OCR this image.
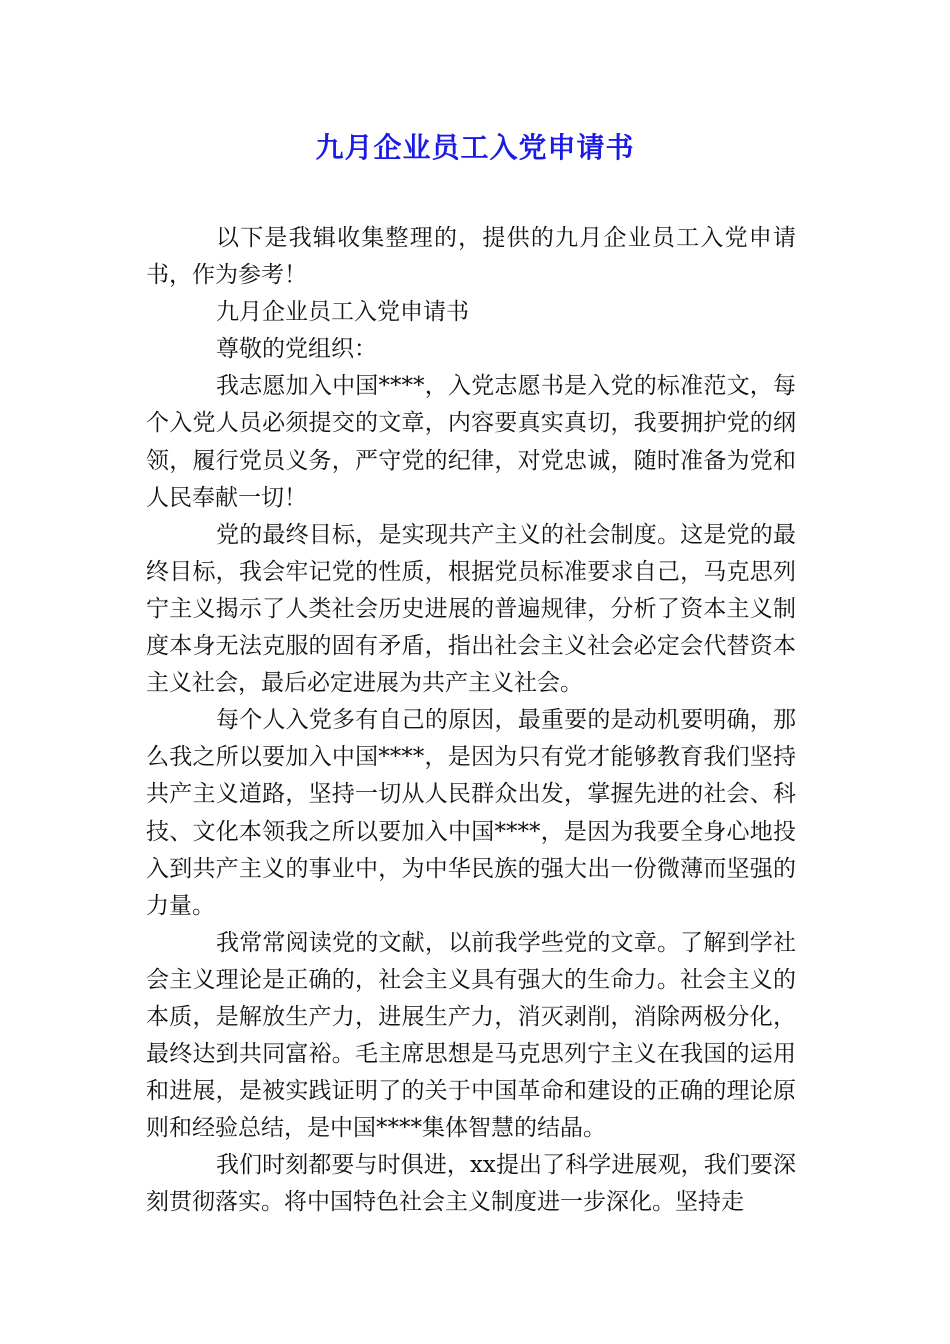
九月企业员工入党申请书

以下是我辑收集整理的，提供的九月企业员工入党申请书，作为参考！

九月企业员工入党申请书

尊敬的党组织：

我志愿加入中国****，入党志愿书是入党的标准范文，每个入党人员必须提交的文章，内容要真实真切，我要拥护党的纲领，履行党员义务，严守党的纪律，对党忠诚，随时准备为党和人民奉献一切！

党的最终目标，是实现共产主义的社会制度。这是党的最终目标，我会牢记党的性质，根据党员标准要求自己，马克思列宁主义揭示了人类社会历史进展的普遍规律，分析了资本主义制度本身无法克服的固有矛盾，指出社会主义社会必定会代替资本主义社会，最后必定进展为共产主义社会。

每个人入党多有自己的原因，最重要的是动机要明确，那么我之所以要加入中国****，是因为只有党才能够教育我们坚持共产主义道路，坚持一切从人民群众出发，掌握先进的社会、科技、文化本领我之所以要加入中国****，是因为我要全身心地投入到共产主义的事业中，为中华民族的强大出一份微薄而坚强的力量。

我常常阅读党的文献，以前我学些党的文章。了解到学社会主义理论是正确的，社会主义具有强大的生命力。社会主义的本质，是解放生产力，进展生产力，消灭剥削，消除两极分化，最终达到共同富裕。毛主席思想是马克思列宁主义在我国的运用和进展，是被实践证明了的关于中国革命和建设的正确的理论原则和经验总结，是中国****集体智慧的结晶。

我们时刻都要与时俱进，xx提出了科学进展观，我们要深刻贯彻落实。将中国特色社会主义制度进一步深化。坚持走
